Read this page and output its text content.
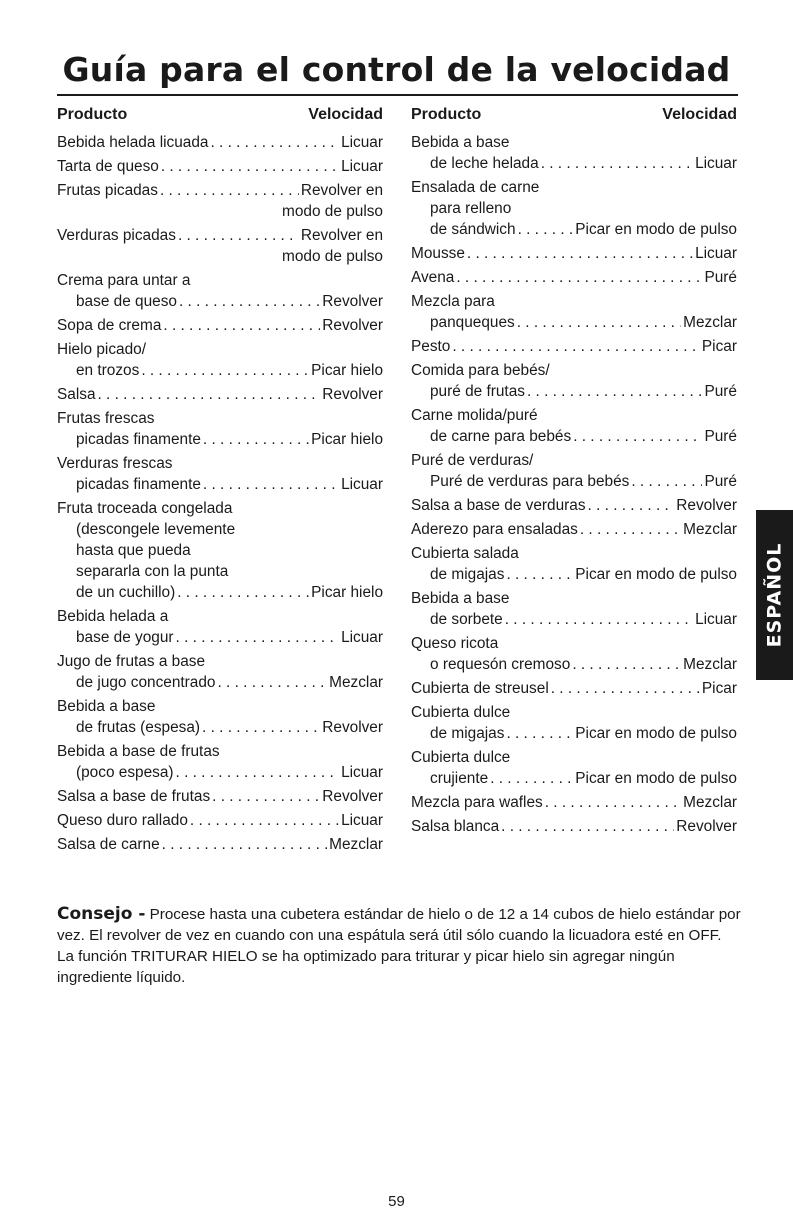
Guía para el control de la velocidad
Producto	Velocidad
Bebida helada licuada . . .	Licuar
Tarta de queso . . .	Licuar
Frutas picadas . . .	Revolver en
modo de pulso
Verduras picadas . . .	Revolver en
modo de pulso
Crema para untar a
base de queso . . .	Revolver
Sopa de crema . . .	Revolver
Hielo picado/
en trozos . . .	Picar hielo
Salsa . . .	Revolver
Frutas frescas
picadas finamente . . .	Picar hielo
Verduras frescas
picadas finamente . . .	Licuar
Fruta troceada congelada
(descongele levemente
hasta que pueda
separarla con la punta
de un cuchillo) . . .	Picar hielo
Bebida helada a
base de yogur . . .	Licuar
Jugo de frutas a base
de jugo concentrado . . .	Mezclar
Bebida a base
de frutas (espesa) . . .	Revolver
Bebida a base de frutas
(poco espesa) . . .	Licuar
Salsa a base de frutas . . .	Revolver
Queso duro rallado . . .	Licuar
Salsa de carne . . .	Mezclar
Producto	Velocidad
Bebida a base
de leche helada . . .	Licuar
Ensalada de carne
para relleno
de sándwich . . .	Picar en modo de pulso
Mousse . . .	Licuar
Avena . . .	Puré
Mezcla para
panqueques . . .	Mezclar
Pesto . . .	Picar
Comida para bebés/
puré de frutas . . .	Puré
Carne molida/puré
de carne para bebés . . .	Puré
Puré de verduras/
Puré de verduras para bebés . . .	Puré
Salsa a base de verduras . . .	Revolver
Aderezo para ensaladas . . .	Mezclar
Cubierta salada
de migajas . . .	Picar en modo de pulso
Bebida a base
de sorbete . . .	Licuar
Queso ricota
o requesón cremoso . . .	Mezclar
Cubierta de streusel . . .	Picar
Cubierta dulce
de migajas . . .	Picar en modo de pulso
Cubierta dulce
crujiente . . .	Picar en modo de pulso
Mezcla para wafles . . .	Mezclar
Salsa blanca . . .	Revolver
Consejo - Procese hasta una cubetera estándar de hielo o de 12 a 14 cubos de hielo estándar por vez. El revolver de vez en cuando con una espátula será útil sólo cuando la licuadora esté en OFF. La función TRITURAR HIELO se ha optimizado para triturar y picar hielo sin agregar ningún ingrediente líquido.
ESPAÑOL
59
